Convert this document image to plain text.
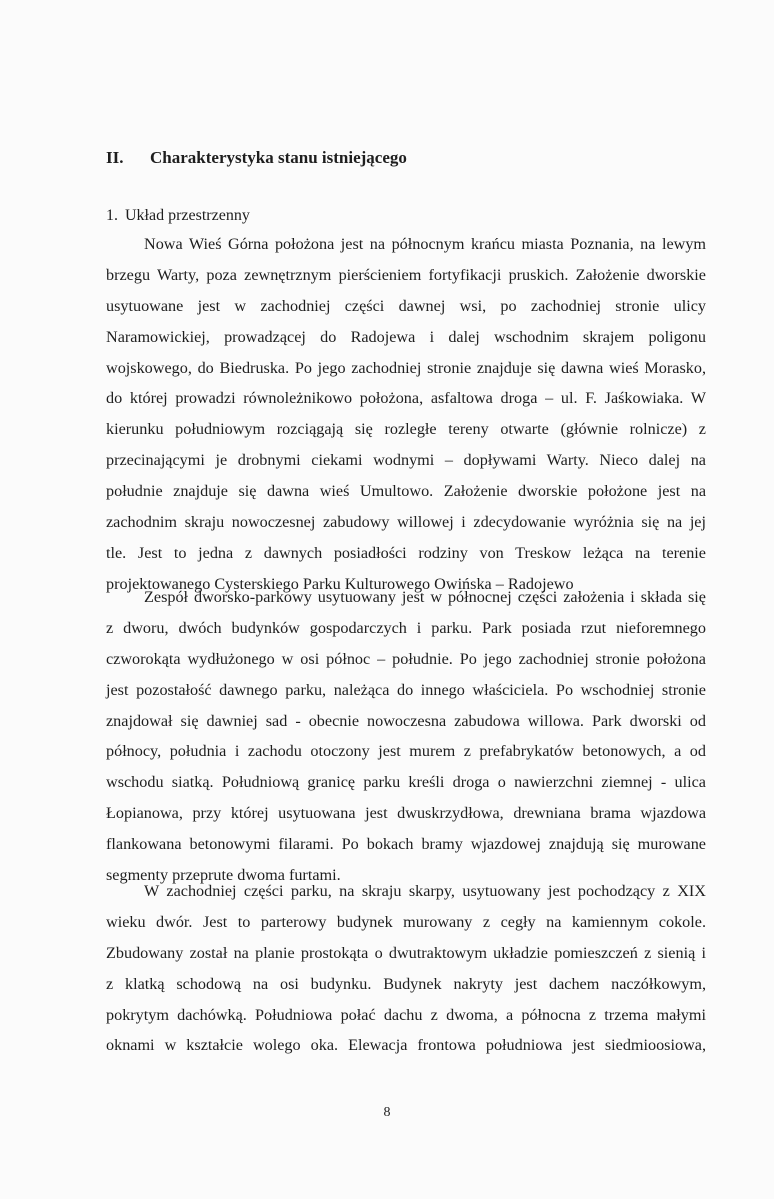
II. Charakterystyka stanu istniejącego
1. Układ przestrzenny
Nowa Wieś Górna położona jest na północnym krańcu miasta Poznania, na lewym
brzegu Warty, poza zewnętrznym pierścieniem fortyfikacji pruskich. Założenie dworskie
usytuowane jest w zachodniej części dawnej wsi, po zachodniej stronie ulicy
Naramowickiej, prowadzącej do Radojewa i dalej wschodnim skrajem poligonu
wojskowego, do Biedruska. Po jego zachodniej stronie znajduje się dawna wieś Morasko,
do której prowadzi równoleżnikowo położona, asfaltowa droga – ul. F. Jaśkowiaka. W
kierunku południowym rozciągają się rozległe tereny otwarte (głównie rolnicze) z
przecinającymi je drobnymi ciekami wodnymi – dopływami Warty. Nieco dalej na
południe znajduje się dawna wieś Umultowo. Założenie dworskie położone jest na
zachodnim skraju nowoczesnej zabudowy willowej i zdecydowanie wyróżnia się na jej
tle. Jest to jedna z dawnych posiadłości rodziny von Treskow leżąca na terenie
projektowanego Cysterskiego Parku Kulturowego Owińska – Radojewo
Zespół dworsko-parkowy usytuowany jest w północnej części założenia i składa się
z dworu, dwóch budynków gospodarczych i parku. Park posiada rzut nieforemnego
czworokąta wydłużonego w osi północ – południe. Po jego zachodniej stronie położona
jest pozostałość dawnego parku, należąca do innego właściciela. Po wschodniej stronie
znajdował się dawniej sad - obecnie nowoczesna zabudowa willowa. Park dworski od
północy, południa i zachodu otoczony jest murem z prefabrykatów betonowych, a od
wschodu siatką. Południową granicę parku kreśli droga o nawierzchni ziemnej - ulica
Łopianowa, przy której usytuowana jest dwuskrzydłowa, drewniana brama wjazdowa
flankowana betonowymi filarami. Po bokach bramy wjazdowej znajdują się murowane
segmenty przeprute dwoma furtami.
W zachodniej części parku, na skraju skarpy, usytuowany jest pochodzący z XIX
wieku dwór. Jest to parterowy budynek murowany z cegły na kamiennym cokole.
Zbudowany został na planie prostokąta o dwutraktowym układzie pomieszczeń z sienią i
z klatką schodową na osi budynku. Budynek nakryty jest dachem naczółkowym,
pokrytym dachówką. Południowa połać dachu z dwoma, a północna z trzema małymi
oknami w kształcie wolego oka. Elewacja frontowa południowa jest siedmioosiowa,
8
